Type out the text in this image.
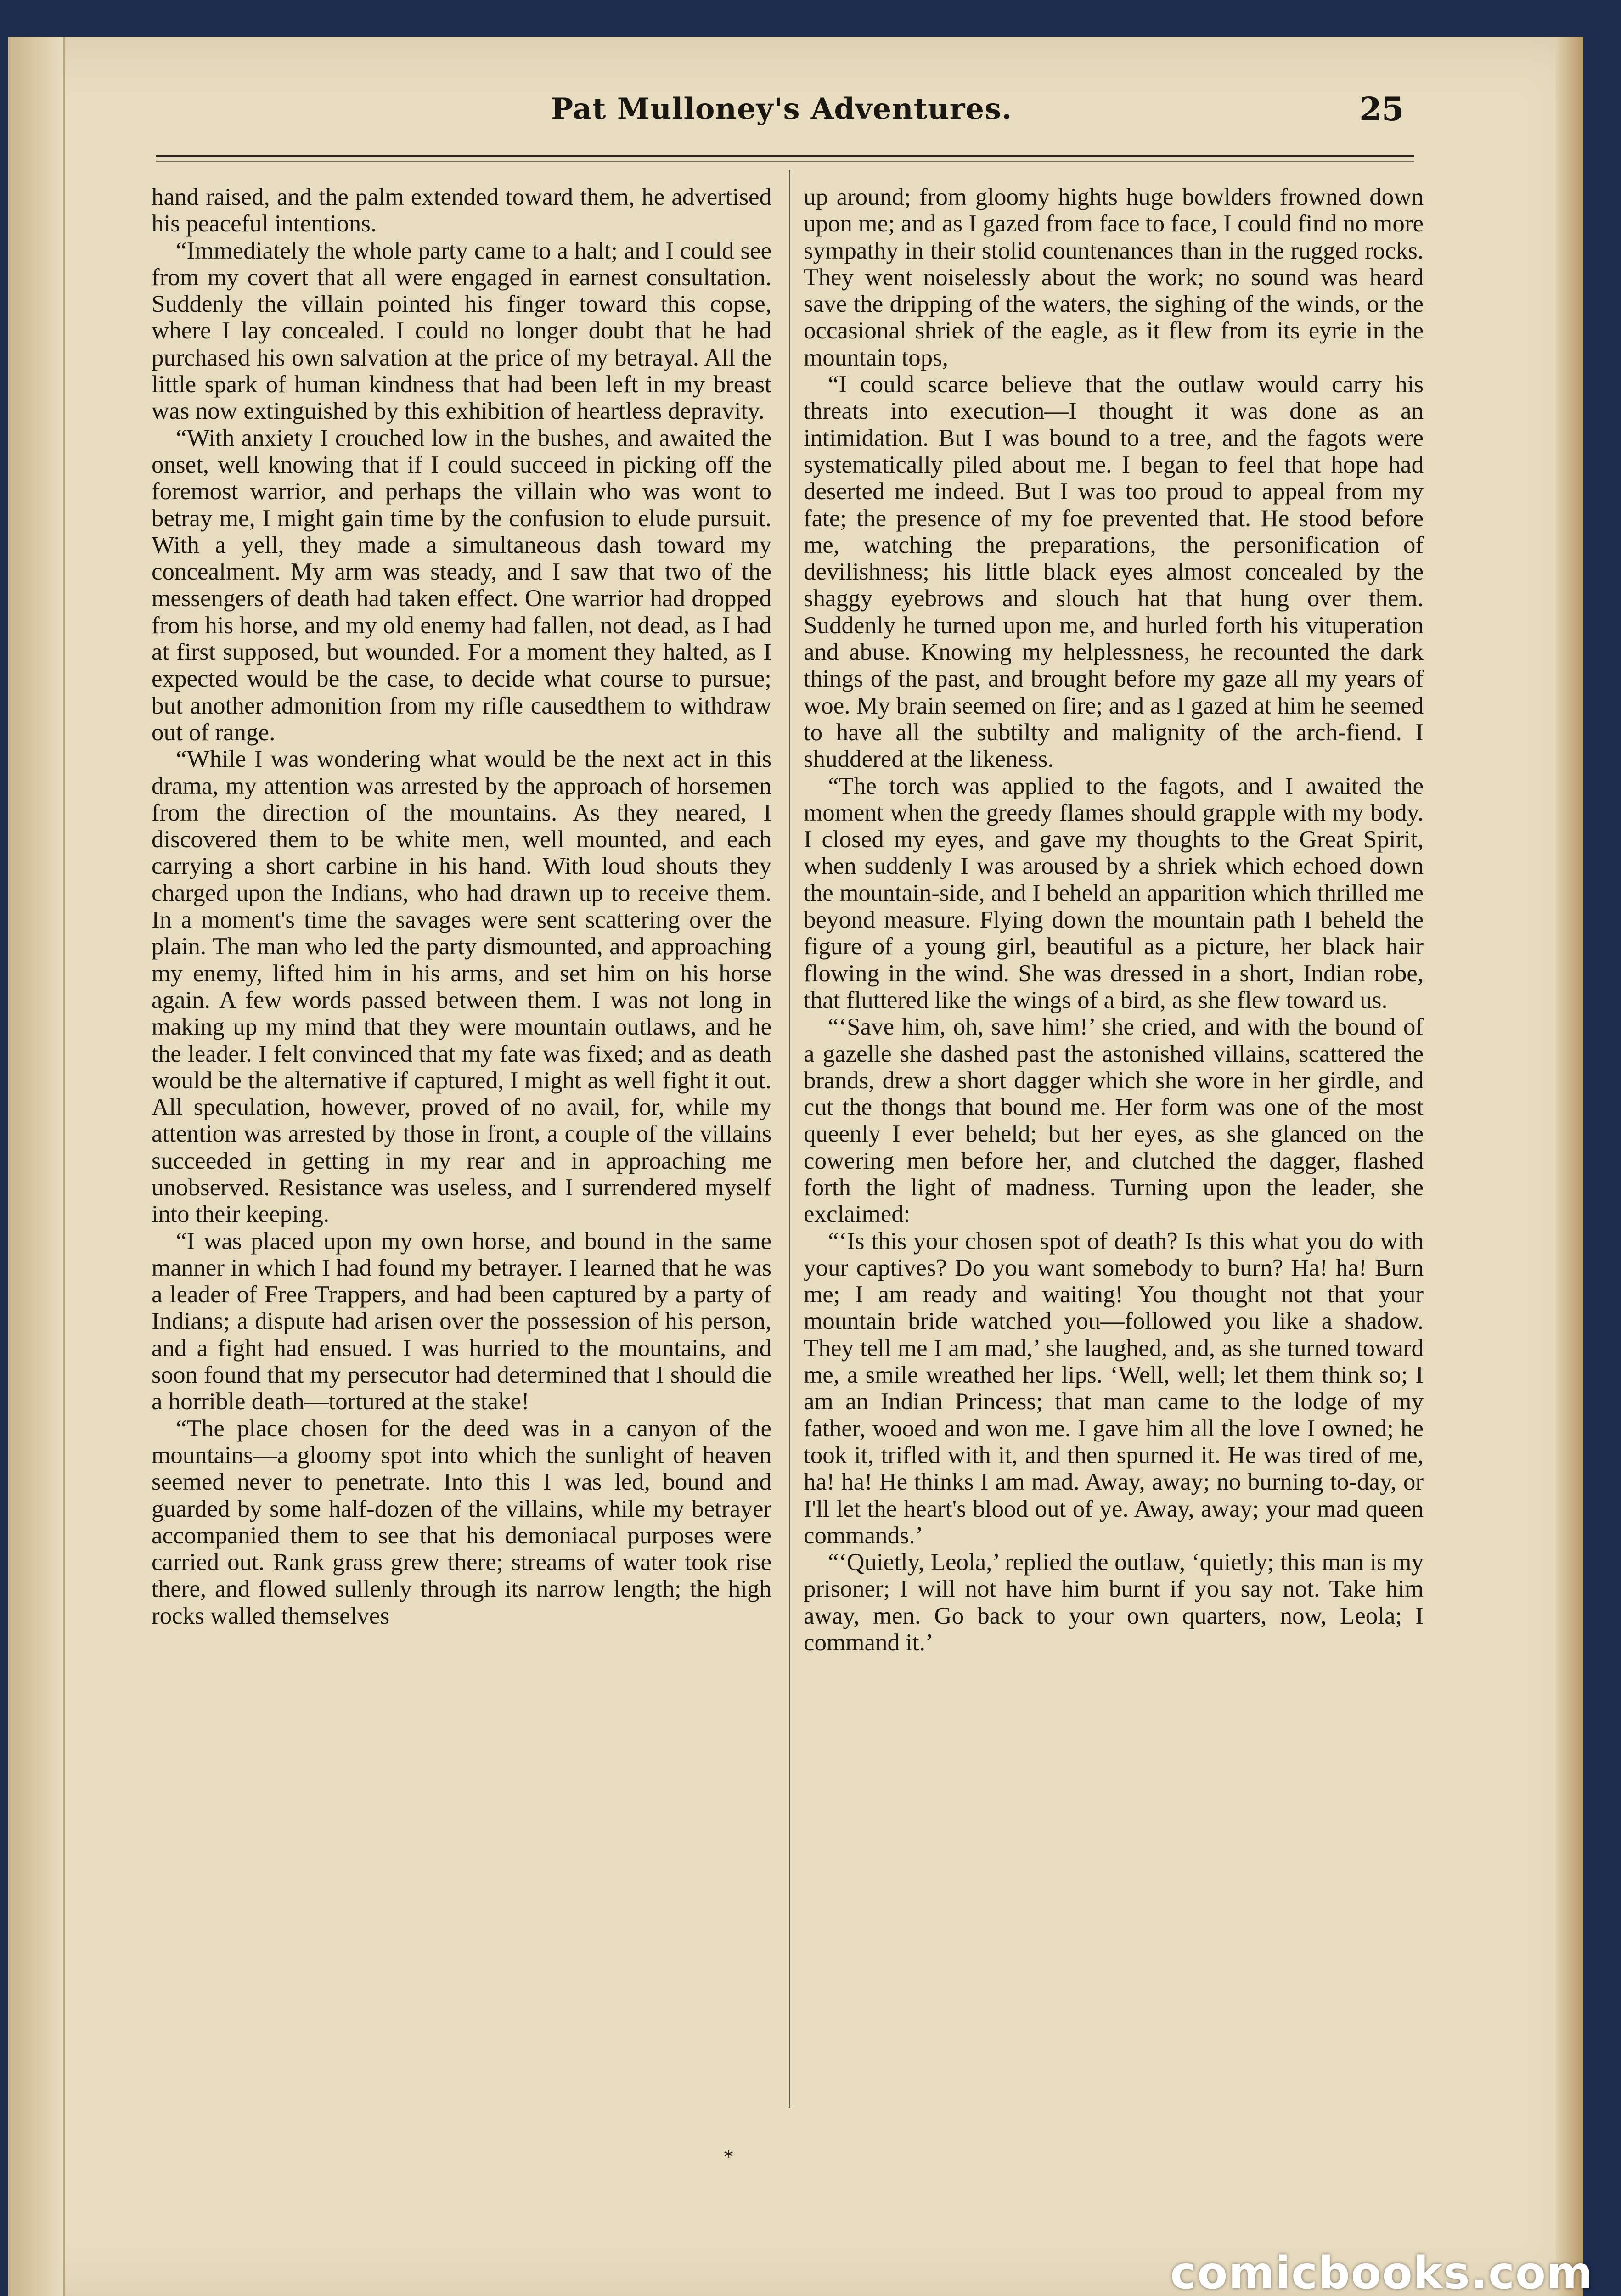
Pat Mulloney's Adventures.	25

hand raised, and the palm extended toward them, he advertised his peaceful intentions.

“Immediately the whole party came to a halt; and I could see from my covert that all were engaged in earnest consultation. Suddenly the villain pointed his finger toward this copse, where I lay concealed. I could no longer doubt that he had purchased his own salvation at the price of my betrayal. All the little spark of human kindness that had been left in my breast was now extinguished by this exhibition of heartless depravity.

“With anxiety I crouched low in the bushes, and awaited the onset, well knowing that if I could succeed in picking off the foremost warrior, and perhaps the villain who was wont to betray me, I might gain time by the confusion to elude pursuit. With a yell, they made a simultaneous dash toward my concealment. My arm was steady, and I saw that two of the messengers of death had taken effect. One warrior had dropped from his horse, and my old enemy had fallen, not dead, as I had at first supposed, but wounded. For a moment they halted, as I expected would be the case, to decide what course to pursue; but another admonition from my rifle causedthem to withdraw out of range.

“While I was wondering what would be the next act in this drama, my attention was arrested by the approach of horsemen from the direction of the mountains. As they neared, I discovered them to be white men, well mounted, and each carrying a short carbine in his hand. With loud shouts they charged upon the Indians, who had drawn up to receive them. In a moment's time the savages were sent scattering over the plain. The man who led the party dismounted, and approaching my enemy, lifted him in his arms, and set him on his horse again. A few words passed between them. I was not long in making up my mind that they were mountain outlaws, and he the leader. I felt convinced that my fate was fixed; and as death would be the alternative if captured, I might as well fight it out. All speculation, however, proved of no avail, for, while my attention was arrested by those in front, a couple of the villains succeeded in getting in my rear and in approaching me unobserved. Resistance was useless, and I surrendered myself into their keeping.

“I was placed upon my own horse, and bound in the same manner in which I had found my betrayer. I learned that he was a leader of Free Trappers, and had been captured by a party of Indians; a dispute had arisen over the possession of his person, and a fight had ensued. I was hurried to the mountains, and soon found that my persecutor had determined that I should die a horrible death—tortured at the stake!

“The place chosen for the deed was in a canyon of the mountains—a gloomy spot into which the sunlight of heaven seemed never to penetrate. Into this I was led, bound and guarded by some half-dozen of the villains, while my betrayer accompanied them to see that his demoniacal purposes were carried out. Rank grass grew there; streams of water took rise there, and flowed sullenly through its narrow length; the high rocks walled themselves

up around; from gloomy hights huge bowlders frowned down upon me; and as I gazed from face to face, I could find no more sympathy in their stolid countenances than in the rugged rocks. They went noiselessly about the work; no sound was heard save the dripping of the waters, the sighing of the winds, or the occasional shriek of the eagle, as it flew from its eyrie in the mountain tops,

“I could scarce believe that the outlaw would carry his threats into execution—I thought it was done as an intimidation. But I was bound to a tree, and the fagots were systematically piled about me. I began to feel that hope had deserted me indeed. But I was too proud to appeal from my fate; the presence of my foe prevented that. He stood before me, watching the preparations, the personification of devilishness; his little black eyes almost concealed by the shaggy eyebrows and slouch hat that hung over them. Suddenly he turned upon me, and hurled forth his vituperation and abuse. Knowing my helplessness, he recounted the dark things of the past, and brought before my gaze all my years of woe. My brain seemed on fire; and as I gazed at him he seemed to have all the subtilty and malignity of the arch-fiend. I shuddered at the likeness.

“The torch was applied to the fagots, and I awaited the moment when the greedy flames should grapple with my body. I closed my eyes, and gave my thoughts to the Great Spirit, when suddenly I was aroused by a shriek which echoed down the mountain-side, and I beheld an apparition which thrilled me beyond measure. Flying down the mountain path I beheld the figure of a young girl, beautiful as a picture, her black hair flowing in the wind. She was dressed in a short, Indian robe, that fluttered like the wings of a bird, as she flew toward us.

“‘Save him, oh, save him!’ she cried, and with the bound of a gazelle she dashed past the astonished villains, scattered the brands, drew a short dagger which she wore in her girdle, and cut the thongs that bound me. Her form was one of the most queenly I ever beheld; but her eyes, as she glanced on the cowering men before her, and clutched the dagger, flashed forth the light of madness. Turning upon the leader, she exclaimed:

“‘Is this your chosen spot of death? Is this what you do with your captives? Do you want somebody to burn? Ha! ha! Burn me; I am ready and waiting! You thought not that your mountain bride watched you—followed you like a shadow. They tell me I am mad,’ she laughed, and, as she turned toward me, a smile wreathed her lips. ‘Well, well; let them think so; I am an Indian Princess; that man came to the lodge of my father, wooed and won me. I gave him all the love I owned; he took it, trifled with it, and then spurned it. He was tired of me, ha! ha! He thinks I am mad. Away, away; no burning to-day, or I'll let the heart's blood out of ye. Away, away; your mad queen commands.’

“‘Quietly, Leola,’ replied the outlaw, ‘quietly; this man is my prisoner; I will not have him burnt if you say not. Take him away, men. Go back to your own quarters, now, Leola; I command it.’

*
comicbooks.com
